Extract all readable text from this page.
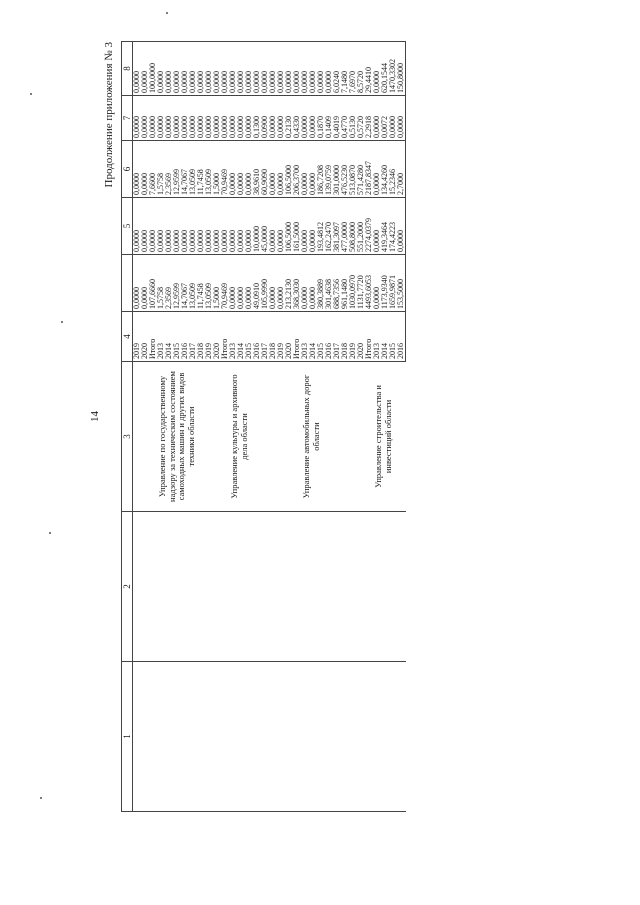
14
Продолжение приложения № 3
1	2	3	4		5	6	7	8
			2019	0,0000	0,0000	0,0000	0,0000	0,0000
			2020	0,0000	0,0000	0,0000	0,0000	0,0000
			Итого	107,6660	0,0000	7,6600	0,0000	100,0000
		Управление по государственному надзору за техническим состоянием самоходных машин и других видов техники области	2013	1,5758	0,0000	1,5758	0,0000	0,0000
			2014	2,3569	0,0000	2,3569	0,0000	0,0000
			2015	12,9599	0,0000	12,9599	0,0000	0,0000
			2016	14,7067	0,0000	14,7067	0,0000	0,0000
			2017	13,0509	0,0000	13,0509	0,0000	0,0000
			2018	11,7458	0,0000	11,7458	0,0000	0,0000
			2019	13,0509	0,0000	13,0509	0,0000	0,0000
			2020	1,5000	0,0000	1,5000	0,0000	0,0000
			Итого	70,9469	0,0000	70,9469	0,0000	0,0000
		Управление культуры и архивного дела области	2013	0,0000	0,0000	0,0000	0,0000	0,0000
			2014	0,0000	0,0000	0,0000	0,0000	0,0000
			2015	0,0000	0,0000	0,0000	0,0000	0,0000
			2016	49,0910	10,0000	38,9610	0,1300	0,0000
			2017	105,9990	45,0000	60,9090	0,0900	0,0000
			2018	0,0000	0,0000	0,0000	0,0000	0,0000
			2019	0,0000	0,0000	0,0000	0,0000	0,0000
			2020	213,2130	106,5000	106,5000	0,2130	0,0000
			Итого	368,3030	161,5000	206,3700	0,4330	0,0000
		Управление автомобильных дорог области	2013	0,0000	0,0000	0,0000	0,0000	0,0000
			2014	0,0000	0,0000	0,0000	0,0000	0,0000
			2015	380,3889	193,4812	186,7208	0,1870	0,0000
			2016	301,4638	162,2470	139,0759	0,1409	0,0000
			2017	688,7356	381,3097	301,0000	0,4019	6,0240
			2018	961,1480	477,0000	476,5230	0,4770	7,1480
			2019	1030,0970	508,8000	513,0870	0,5130	7,6970
			2020	1131,7720	551,2000	571,4280	0,5720	8,5720
			Итого	4493,6053	2274,0379	2187,8347	2,2918	29,4410
		Управление строительства и инвестиций области	2013	0,0000	0,0000	0,0000	0,0000	0,0000
			2014	1173,9340	419,3464	134,4260	0,0072	620,1544
			2015	1659,9871	174,4223	15,2346	0,0000	1470,3302
			2016	153,5000	0,0000	2,7000	0,0000	150,8000
